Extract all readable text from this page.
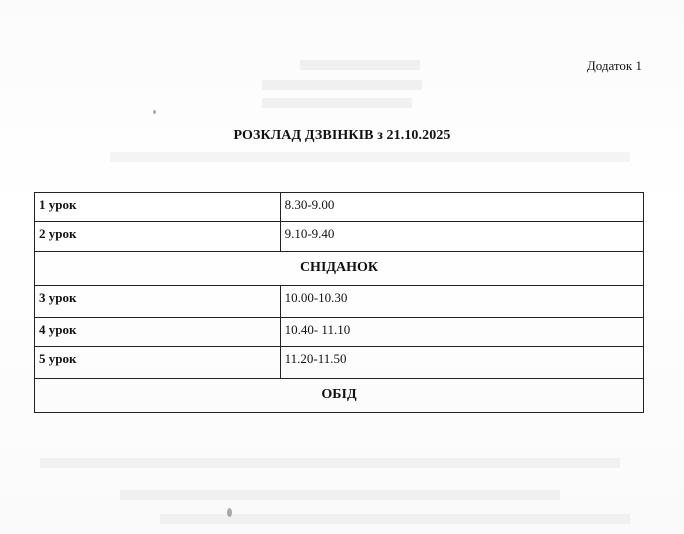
Додаток 1
РОЗКЛАД ДЗВІНКІВ з 21.10.2025
1 урок	8.30-9.00
2 урок	9.10-9.40
СНІДАНОК	
3 урок	10.00-10.30
4 урок	10.40- 11.10
5 урок	11.20-11.50
ОБІД	
